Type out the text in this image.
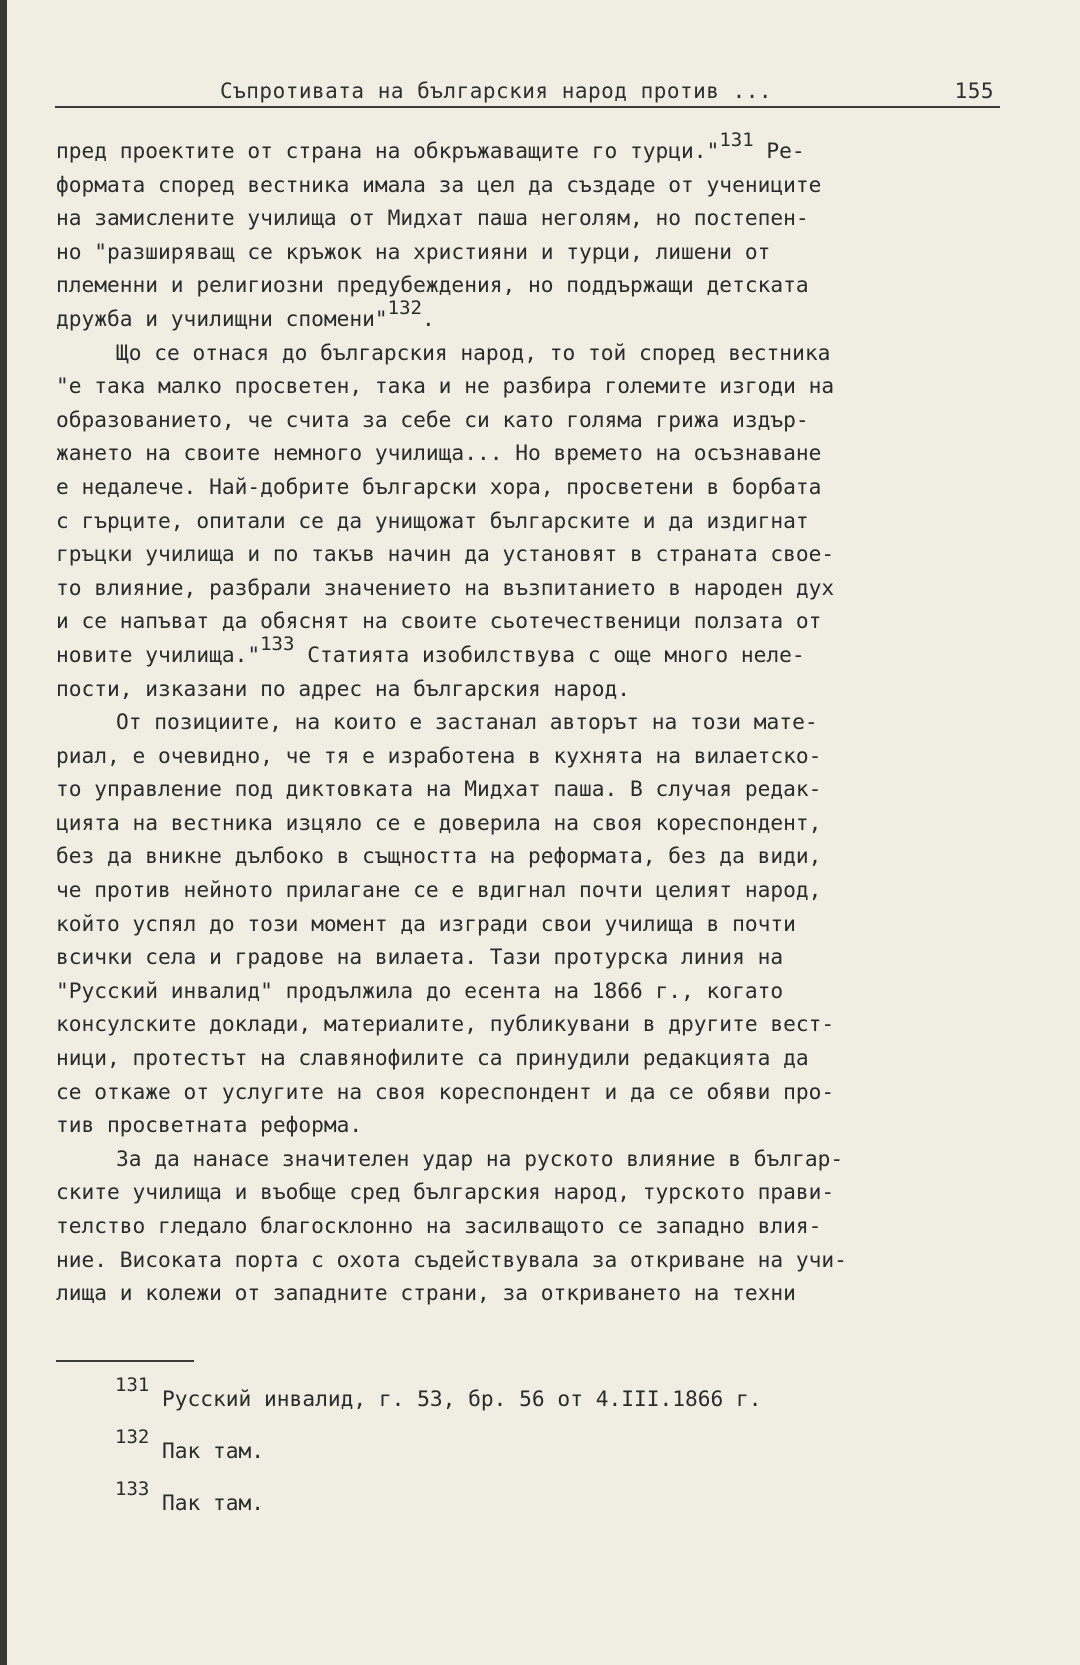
Съпротивата на българския народ против ...	155

пред проектите от страна на обкръжаващите го турци."$^{131}$ Ре-

формата според вестника имала за цел да създаде от учениците

на замислените училища от Мидхат паша неголям, но постепен-

но "разширяващ се кръжок на християни и турци, лишени от

племенни и религиозни предубеждения, но поддържащи детската

дружба и училищни спомени"$^{132}$.

Що се отнася до българския народ, то той според вестника

"е така малко просветен, така и не разбира големите изгоди на

образованието, че счита за себе си като голяма грижа издър-

жането на своите немного училища... Но времето на осъзнаване

е недалече. Най-добрите български хора, просветени в борбата

с гърците, опитали се да унищожат българските и да издигнат

гръцки училища и по такъв начин да установят в страната свое-

то влияние, разбрали значението на възпитанието в народен дух

и се напъват да обяснят на своите сьотечественици ползата от

новите училища."$^{133}$ Статията изобилствува с още много неле-

пости, изказани по адрес на българския народ.

От позициите, на които е застанал авторът на този мате-

риал, е очевидно, че тя е изработена в кухнята на вилаетско-

то управление под диктовката на Мидхат паша. В случая редак-

цията на вестника изцяло се е доверила на своя кореспондент,

без да вникне дълбоко в същността на реформата, без да види,

че против нейното прилагане се е вдигнал почти целият народ,

който успял до този момент да изгради свои училища в почти

всички села и градове на вилаета. Тази протурска линия на

"Русский инвалид" продължила до есента на 1866 г., когато

консулските доклади, материалите, публикувани в другите вест-

ници, протестът на славянофилите са принудили редакцията да

се откаже от услугите на своя кореспондент и да се обяви про-

тив просветната реформа.

За да нанасе значителен удар на руското влияние в българ-

ските училища и въобще сред българския народ, турското прави-

телство гледало благосклонно на засилващото се западно влия-

ние. Високата порта с охота съдействувала за откриване на учи-

лища и колежи от западните страни, за откриването на техни

131
Русский инвалид, г. 53, бр. 56 от 4.III.1866 г.
132
Пак там.
133
Пак там.
